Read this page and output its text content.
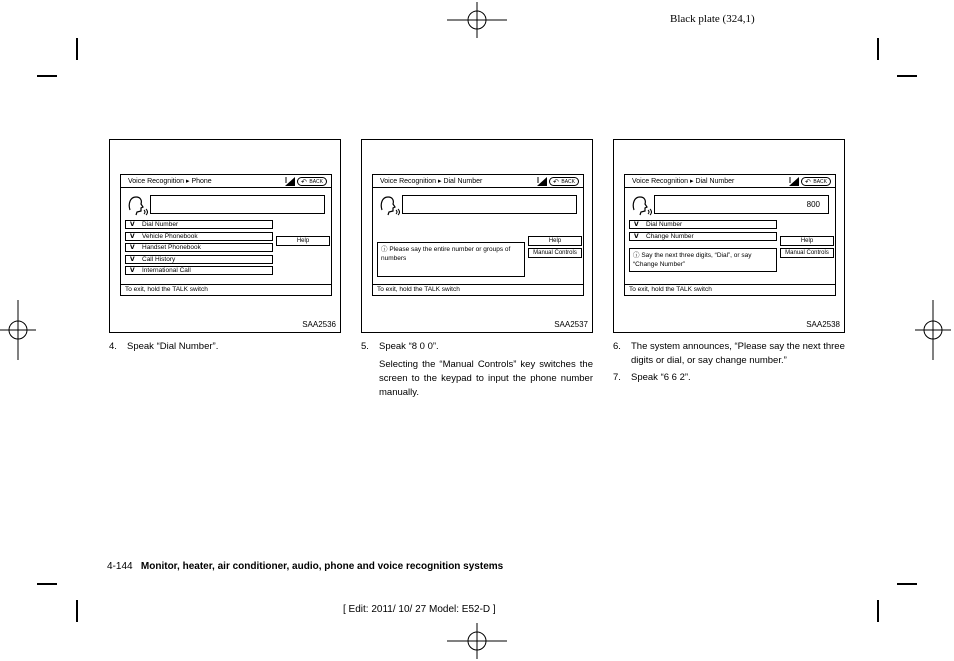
Black plate (324,1)
Voice Recognition ▸ Phone	↶ BACK
𝗩 Dial Number
𝗩 Vehicle Phonebook
𝗩 Handset Phonebook
𝗩 Call History
𝗩 International Call
Help
To exit, hold the TALK switch
SAA2536
Voice Recognition ▸ Dial Number	↶ BACK
ⓘ Please say the entire number or groups of numbers
Help
Manual Controls
To exit, hold the TALK switch
SAA2537
Voice Recognition ▸ Dial Number	↶ BACK
800
𝗩 Dial Number
𝗩 Change Number
ⓘ Say the next three digits, “Dial”, or say “Change Number”
Help
Manual Controls
To exit, hold the TALK switch
SAA2538
4.	Speak “Dial Number”.	5.	Speak “8 0 0”.

Selecting the “Manual Controls” key switches the screen to the keypad to input the phone number manually.

6.	The system announces, “Please say the next three digits or dial, or say change number.”

7.	Speak “6 6 2”.

4-144 Monitor, heater, air conditioner, audio, phone and voice recognition systems
[ Edit: 2011/ 10/ 27 Model: E52-D ]
